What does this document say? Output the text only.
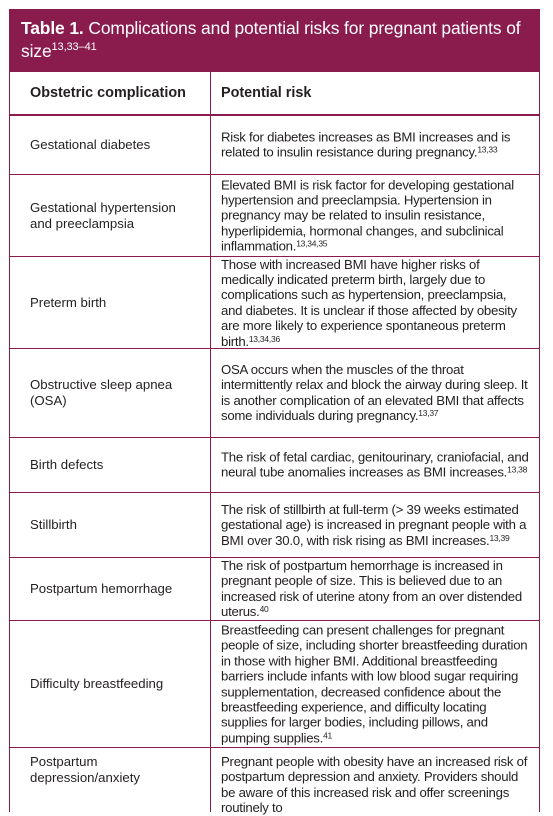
Table 1. Complications and potential risks for pregnant patients of size$^{13,33-41}$
Obstetric complication Potential risk
Gestational diabetes	Risk for diabetes increases as BMI increases and is related to insulin resistance during pregnancy.$^{13,33}$
Gestational hypertension and preeclampsia
Elevated BMI is risk factor for developing gestational hypertension and preeclampsia. Hypertension in pregnancy may be related to insulin resistance, hyperlipidemia, hormonal changes, and subclinical inflammation.$^{13,34,35}$
Preterm birth
Those with increased BMI have higher risks of medically indicated preterm birth, largely due to complications such as hypertension, preeclampsia, and diabetes. It is unclear if those affected by obesity are more likely to experience spontaneous preterm birth.$^{13,34,36}$
Obstructive sleep apnea (OSA)
OSA occurs when the muscles of the throat intermittently relax and block the airway during sleep. It is another complication of an elevated BMI that affects some individuals during pregnancy.$^{13,37}$
Birth defects	The risk of fetal cardiac, genitourinary, craniofacial, and neural tube anomalies increases as BMI increases.$^{13,38}$
Stillbirth
The risk of stillbirth at full-term (> 39 weeks estimated gestational age) is increased in pregnant people with a BMI over 30.0, with risk rising as BMI increases.$^{13,39}$
Postpartum hemorrhage
The risk of postpartum hemorrhage is increased in pregnant people of size. This is believed due to an increased risk of uterine atony from an over distended uterus.$^{40}$
Difficulty breastfeeding
Breastfeeding can present challenges for pregnant people of size, including shorter breastfeeding duration in those with higher BMI. Additional breastfeeding barriers include infants with low blood sugar requiring supplementation, decreased confidence about the breastfeeding experience, and difficulty locating supplies for larger bodies, including pillows, and pumping supplies.$^{41}$
Postpartum depression/anxiety
Pregnant people with obesity have an increased risk of postpartum depression and anxiety. Providers should be aware of this increased risk and offer screenings routinely to
